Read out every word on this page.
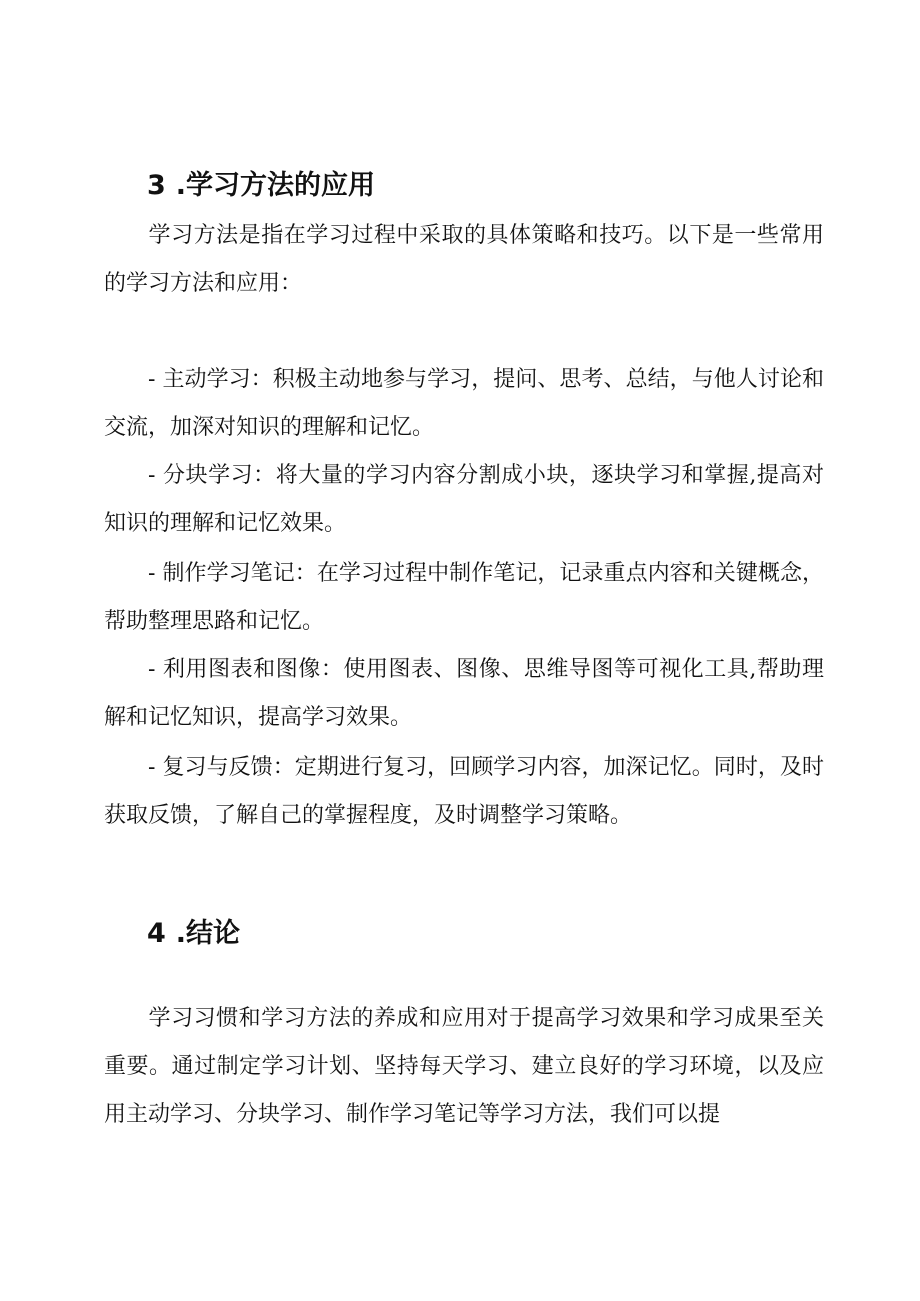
3 .学习方法的应用

学习方法是指在学习过程中采取的具体策略和技巧。以下是一些常用的学习方法和应用：

- 主动学习：积极主动地参与学习，提问、思考、总结，与他人讨论和交流，加深对知识的理解和记忆。

- 分块学习：将大量的学习内容分割成小块，逐块学习和掌握,提高对知识的理解和记忆效果。

- 制作学习笔记：在学习过程中制作笔记，记录重点内容和关键概念，帮助整理思路和记忆。

- 利用图表和图像：使用图表、图像、思维导图等可视化工具,帮助理解和记忆知识，提高学习效果。

- 复习与反馈：定期进行复习，回顾学习内容，加深记忆。同时，及时获取反馈，了解自己的掌握程度，及时调整学习策略。

4 .结论

学习习惯和学习方法的养成和应用对于提高学习效果和学习成果至关重要。通过制定学习计划、坚持每天学习、建立良好的学习环境，以及应用主动学习、分块学习、制作学习笔记等学习方法，我们可以提
